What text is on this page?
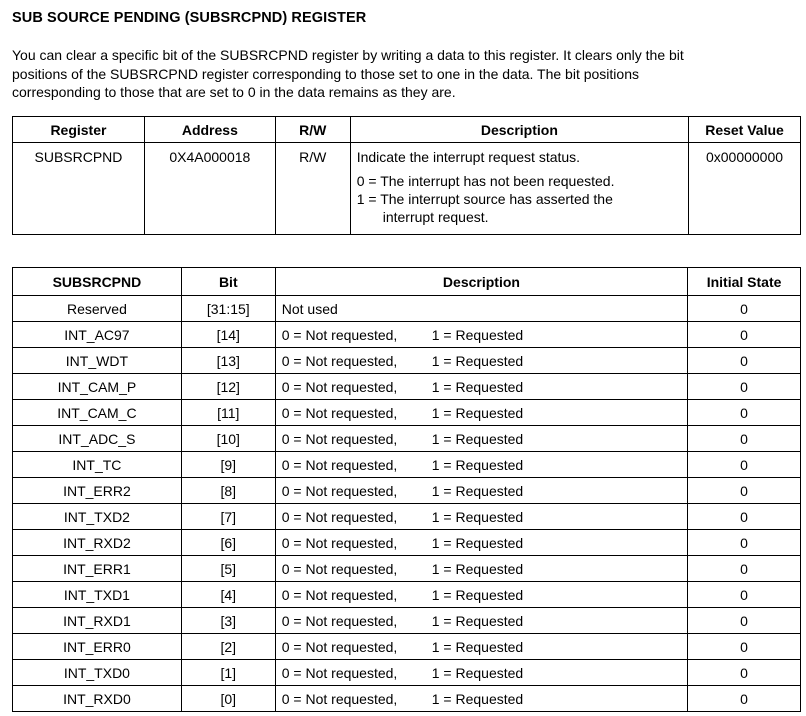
SUB SOURCE PENDING (SUBSRCPND) REGISTER
You can clear a specific bit of the SUBSRCPND register by writing a data to this register. It clears only the bit
positions of the SUBSRCPND register corresponding to those set to one in the data. The bit positions
corresponding to those that are set to 0 in the data remains as they are.
Register	Address	R/W	Description	Reset Value
SUBSRCPND	0X4A000018	R/W	Indicate the interrupt request status.
0 = The interrupt has not been requested.
1 = The interrupt source has asserted the
interrupt request.	0x00000000
SUBSRCPND	Bit	Description	Initial State
Reserved	[31:15]	Not used	0
INT_AC97	[14]	0 = Not requested, 1 = Requested	0
INT_WDT	[13]	0 = Not requested, 1 = Requested	0
INT_CAM_P	[12]	0 = Not requested, 1 = Requested	0
INT_CAM_C	[11]	0 = Not requested, 1 = Requested	0
INT_ADC_S	[10]	0 = Not requested, 1 = Requested	0
INT_TC	[9]	0 = Not requested, 1 = Requested	0
INT_ERR2	[8]	0 = Not requested, 1 = Requested	0
INT_TXD2	[7]	0 = Not requested, 1 = Requested	0
INT_RXD2	[6]	0 = Not requested, 1 = Requested	0
INT_ERR1	[5]	0 = Not requested, 1 = Requested	0
INT_TXD1	[4]	0 = Not requested, 1 = Requested	0
INT_RXD1	[3]	0 = Not requested, 1 = Requested	0
INT_ERR0	[2]	0 = Not requested, 1 = Requested	0
INT_TXD0	[1]	0 = Not requested, 1 = Requested	0
INT_RXD0	[0]	0 = Not requested, 1 = Requested	0
